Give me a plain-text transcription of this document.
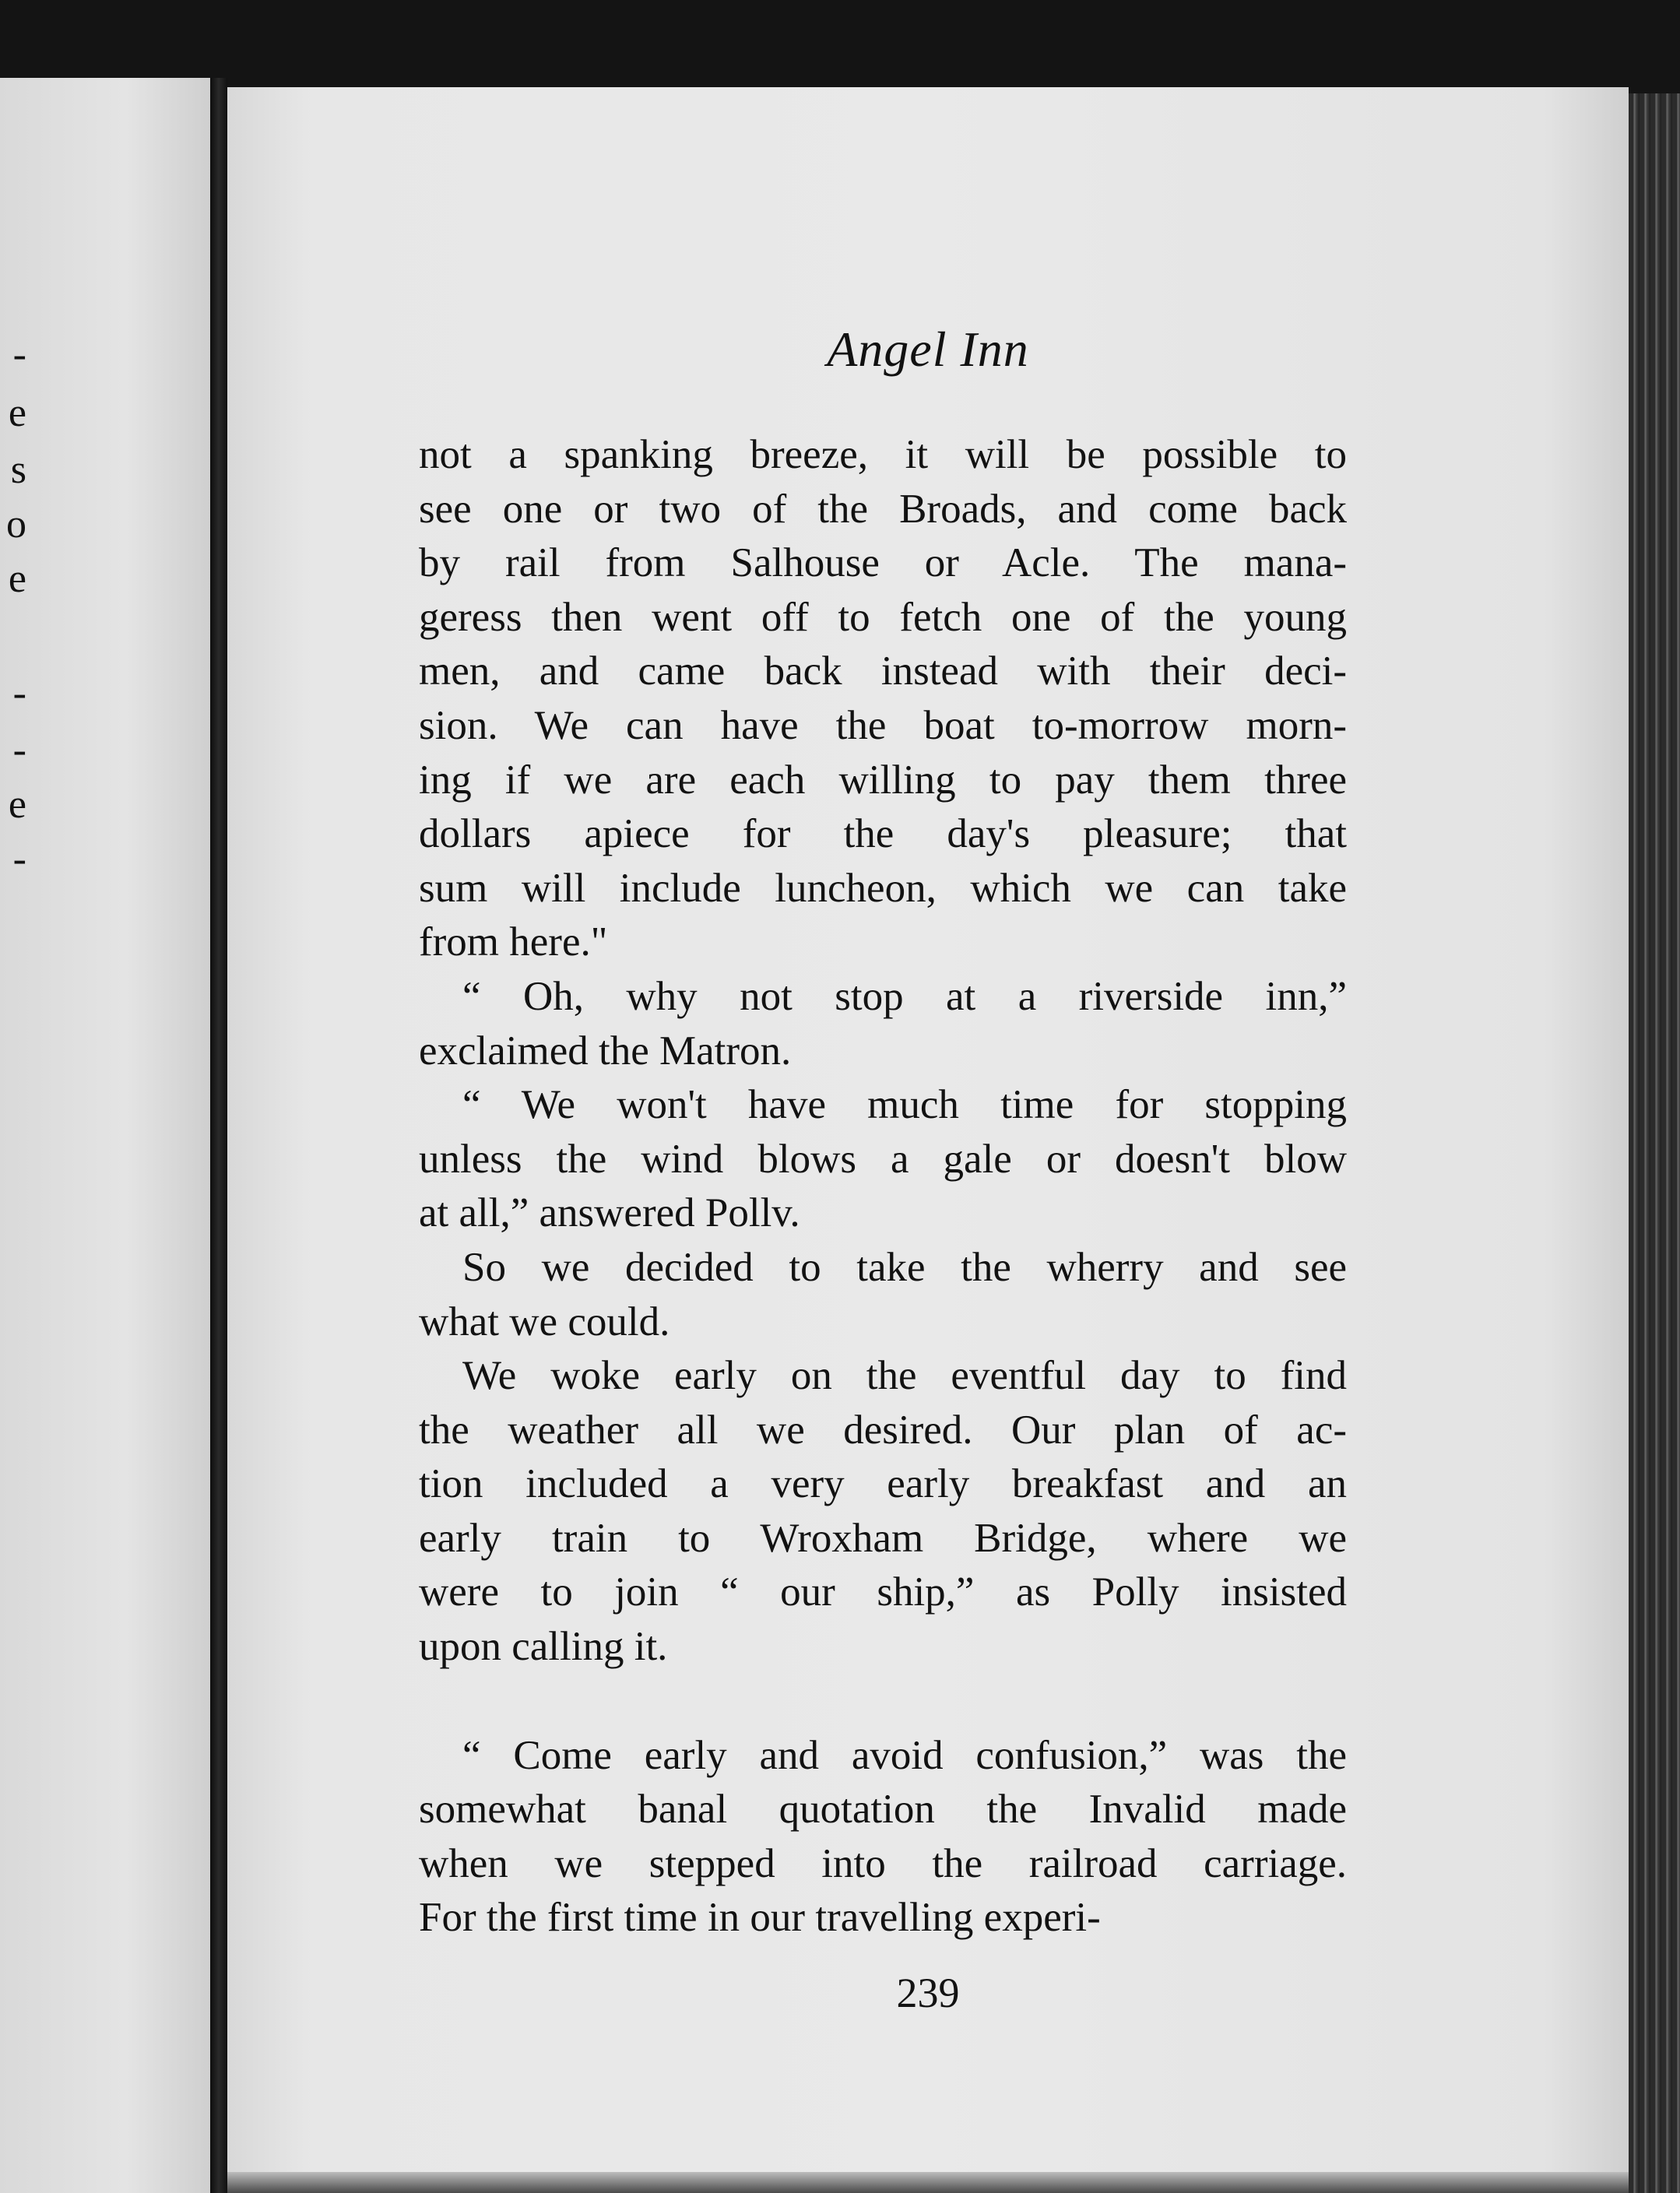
-
e
s
o
e
-
-
e
-
Angel Inn
not a spanking breeze, it will be possible to
see one or two of the Broads, and come back
by rail from Salhouse or Acle. The mana-
geress then went off to fetch one of the young
men, and came back instead with their deci-
sion. We can have the boat to-morrow morn-
ing if we are each willing to pay them three
dollars apiece for the day's pleasure; that
sum will include luncheon, which we can take
from here."
“ Oh, why not stop at a riverside inn,”
exclaimed the Matron.
“ We won't have much time for stopping
unless the wind blows a gale or doesn't blow
at all,” answered Pollv.
So we decided to take the wherry and see
what we could.
We woke early on the eventful day to find
the weather all we desired. Our plan of ac-
tion included a very early breakfast and an
early train to Wroxham Bridge, where we
were to join “ our ship,” as Polly insisted
upon calling it.
“ Come early and avoid confusion,” was the
somewhat banal quotation the Invalid made
when we stepped into the railroad carriage.
For the first time in our travelling experi-
239
